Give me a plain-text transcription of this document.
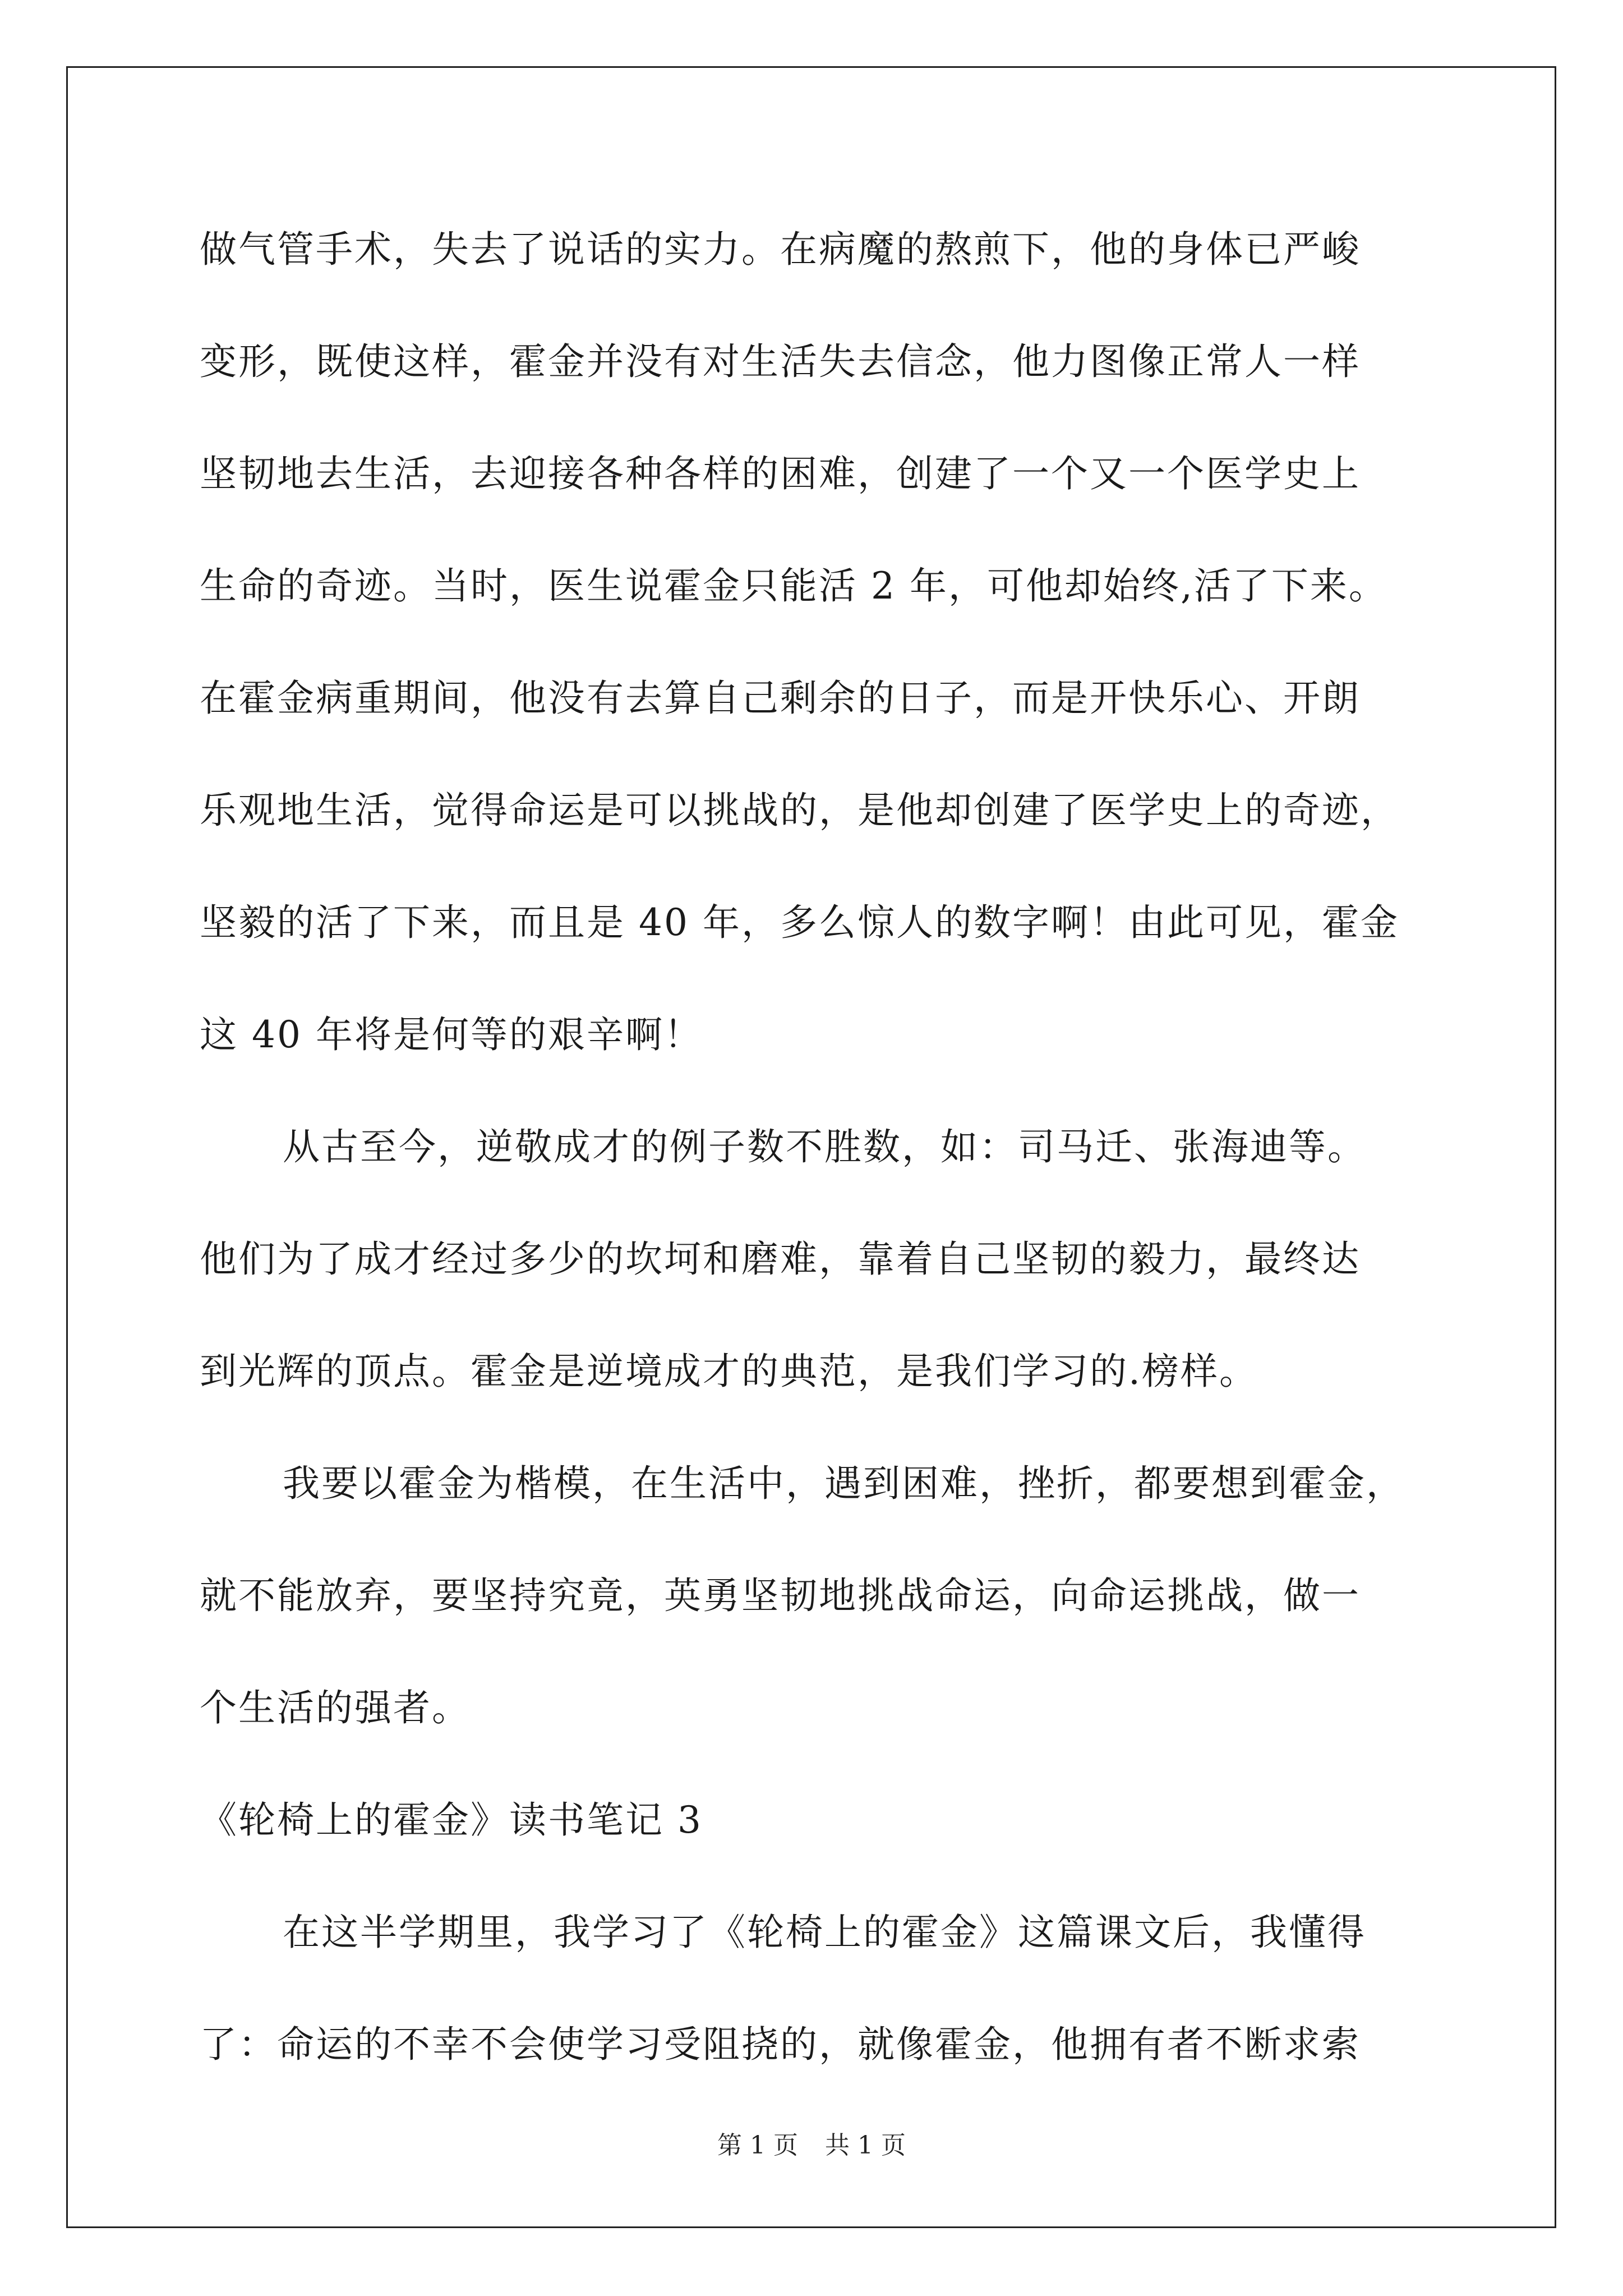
做气管手术，失去了说话的实力。在病魔的熬煎下，他的身体已严峻
变形，既使这样，霍金并没有对生活失去信念，他力图像正常人一样
坚韧地去生活，去迎接各种各样的困难，创建了一个又一个医学史上
生命的奇迹。当时，医生说霍金只能活 2 年，可他却始终,活了下来。
在霍金病重期间，他没有去算自己剩余的日子，而是开快乐心、开朗
乐观地生活，觉得命运是可以挑战的，是他却创建了医学史上的奇迹，
坚毅的活了下来，而且是 40 年，多么惊人的数字啊！由此可见，霍金
这 40 年将是何等的艰辛啊！
从古至今，逆敬成才的例子数不胜数，如：司马迁、张海迪等。
他们为了成才经过多少的坎坷和磨难，靠着自己坚韧的毅力，最终达
到光辉的顶点。霍金是逆境成才的典范，是我们学习的.榜样。
我要以霍金为楷模，在生活中，遇到困难，挫折，都要想到霍金，
就不能放弃，要坚持究竟，英勇坚韧地挑战命运，向命运挑战，做一
个生活的强者。
《轮椅上的霍金》读书笔记 3
在这半学期里，我学习了《轮椅上的霍金》这篇课文后，我懂得
了：命运的不幸不会使学习受阻挠的，就像霍金，他拥有者不断求索
第 1 页 共 1 页
